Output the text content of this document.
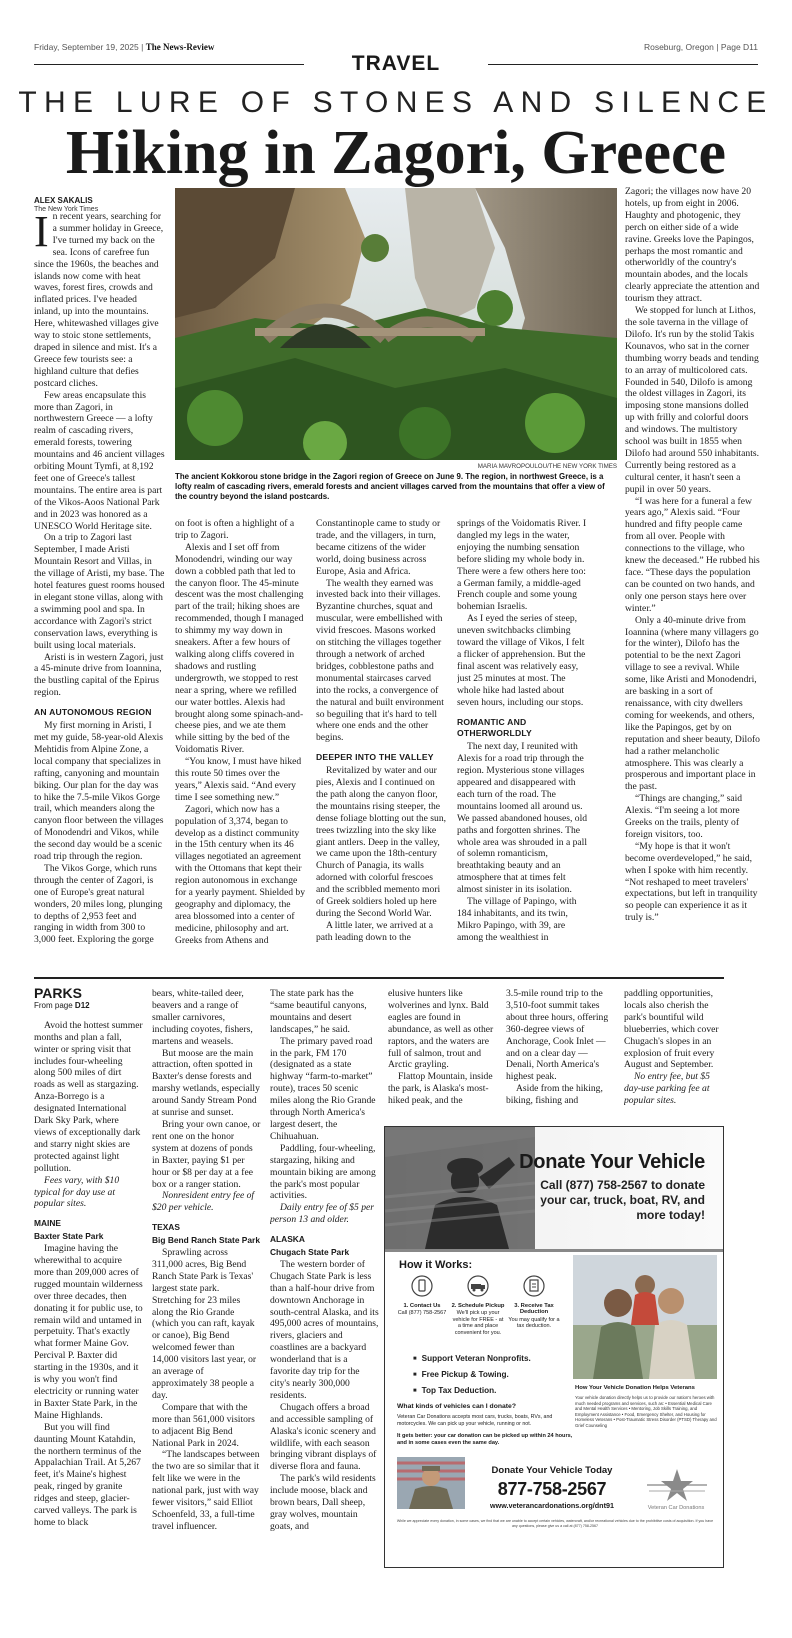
Friday, September 19, 2025 | The News-Review	Roseburg, Oregon | Page D11
TRAVEL
THE LURE OF STONES AND SILENCE
Hiking in Zagori, Greece
ALEX SAKALIS
The New York Times

In recent years, searching for a summer holiday in Greece, I've turned my back on the sea. Icons of carefree fun since the 1960s, the beaches and islands now come with heat waves, forest fires, crowds and inflated prices. I've headed inland, up into the mountains. Here, whitewashed villages give way to stoic stone settlements, draped in silence and mist. It's a Greece few tourists see: a highland culture that defies postcard cliches.

Few areas encapsulate this more than Zagori, in northwestern Greece — a lofty realm of cascading rivers, emerald forests, towering mountains and 46 ancient villages orbiting Mount Tymfi, at 8,192 feet one of Greece's tallest mountains. The entire area is part of the Vikos-Aoos National Park and in 2023 was honored as a UNESCO World Heritage site.

On a trip to Zagori last September, I made Aristi Mountain Resort and Villas, in the village of Aristi, my base. The hotel features guest rooms housed in elegant stone villas, along with a swimming pool and spa. In accordance with Zagori's strict conservation laws, everything is built using local materials.

Aristi is in western Zagori, just a 45-minute drive from Ioannina, the bustling capital of the Epirus region.

AN AUTONOMOUS REGION

My first morning in Aristi, I met my guide, 58-year-old Alexis Mehtidis from Alpine Zone, a local company that specializes in rafting, canyoning and mountain biking. Our plan for the day was to hike the 7.5-mile Vikos Gorge trail, which meanders along the canyon floor between the villages of Monodendri and Vikos, while the second day would be a scenic road trip through the region.

The Vikos Gorge, which runs through the center of Zagori, is one of Europe's great natural wonders, 20 miles long, plunging to depths of 2,953 feet and ranging in width from 300 to 3,000 feet. Exploring the gorge

MARIA MAVROPOULOU/THE NEW YORK TIMES
The ancient Kokkorou stone bridge in the Zagori region of Greece on June 9. The region, in northwest Greece, is a lofty realm of cascading rivers, emerald forests and ancient villages carved from the mountains that offer a view of the country beyond the island postcards.

on foot is often a highlight of a trip to Zagori.

Alexis and I set off from Monodendri, winding our way down a cobbled path that led to the canyon floor. The 45-minute descent was the most challenging part of the trail; hiking shoes are recommended, though I managed to shimmy my way down in sneakers. After a few hours of walking along cliffs covered in shadows and rustling undergrowth, we stopped to rest near a spring, where we refilled our water bottles. Alexis had brought along some spinach-and-cheese pies, and we ate them while sitting by the bed of the Voidomatis River.

“You know, I must have hiked this route 50 times over the years,” Alexis said. “And every time I see something new.”

Zagori, which now has a population of 3,374, began to develop as a distinct community in the 15th century when its 46 villages negotiated an agreement with the Ottomans that kept their region autonomous in exchange for a yearly payment. Shielded by geography and diplomacy, the area blossomed into a center of medicine, philosophy and art. Greeks from Athens and

Constantinople came to study or trade, and the villagers, in turn, became citizens of the wider world, doing business across Europe, Asia and Africa.

The wealth they earned was invested back into their villages. Byzantine churches, squat and muscular, were embellished with vivid frescoes. Masons worked on stitching the villages together through a network of arched bridges, cobblestone paths and monumental staircases carved into the rocks, a convergence of the natural and built environment so beguiling that it's hard to tell where one ends and the other begins.

DEEPER INTO THE VALLEY

Revitalized by water and our pies, Alexis and I continued on the path along the canyon floor, the mountains rising steeper, the dense foliage blotting out the sun, trees twizzling into the sky like giant antlers. Deep in the valley, we came upon the 18th-century Church of Panagia, its walls adorned with colorful frescoes and the scribbled memento mori of Greek soldiers holed up here during the Second World War.

A little later, we arrived at a path leading down to the

springs of the Voidomatis River. I dangled my legs in the water, enjoying the numbing sensation before sliding my whole body in. There were a few others here too: a German family, a middle-aged French couple and some young bohemian Israelis.

As I eyed the series of steep, uneven switchbacks climbing toward the village of Vikos, I felt a flicker of apprehension. But the final ascent was relatively easy, just 25 minutes at most. The whole hike had lasted about seven hours, including our stops.

ROMANTIC AND OTHERWORLDLY

The next day, I reunited with Alexis for a road trip through the region. Mysterious stone villages appeared and disappeared with each turn of the road. The mountains loomed all around us. We passed abandoned houses, old paths and forgotten shrines. The whole area was shrouded in a pall of solemn romanticism, breathtaking beauty and an atmosphere that at times felt almost sinister in its isolation.

The village of Papingo, with 184 inhabitants, and its twin, Mikro Papingo, with 39, are among the wealthiest in

Zagori; the villages now have 20 hotels, up from eight in 2006. Haughty and photogenic, they perch on either side of a wide ravine. Greeks love the Papingos, perhaps the most romantic and otherworldly of the country's mountain abodes, and the locals clearly appreciate the attention and tourism they attract.

We stopped for lunch at Lithos, the sole taverna in the village of Dilofo. It's run by the stolid Takis Kounavos, who sat in the corner thumbing worry beads and tending to an array of multicolored cats. Founded in 540, Dilofo is among the oldest villages in Zagori, its imposing stone mansions dolled up with frilly and colorful doors and windows. The multistory school was built in 1855 when Dilofo had around 550 inhabitants. Currently being restored as a cultural center, it hasn't seen a pupil in over 50 years.

“I was here for a funeral a few years ago,” Alexis said. “Four hundred and fifty people came from all over. People with connections to the village, who knew the deceased.” He rubbed his face. “These days the population can be counted on two hands, and only one person stays here over winter.”

Only a 40-minute drive from Ioannina (where many villagers go for the winter), Dilofo has the potential to be the next Zagori village to see a revival. While some, like Aristi and Monodendri, are basking in a sort of renaissance, with city dwellers coming for weekends, and others, like the Papingos, get by on reputation and sheer beauty, Dilofo had a rather melancholic atmosphere. This was clearly a prosperous and important place in the past.

“Things are changing,” said Alexis. “I'm seeing a lot more Greeks on the trails, plenty of foreign visitors, too.

“My hope is that it won't become overdeveloped,” he said, when I spoke with him recently. “Not reshaped to meet travelers' expectations, but left in tranquility so people can experience it as it truly is.”

PARKS
From page D12

Avoid the hottest summer months and plan a fall, winter or spring visit that includes four-wheeling along 500 miles of dirt roads as well as stargazing. Anza-Borrego is a designated International Dark Sky Park, where views of exceptionally dark and starry night skies are protected against light pollution.

Fees vary, with $10 typical for day use at popular sites.

MAINE
Baxter State Park

Imagine having the wherewithal to acquire more than 209,000 acres of rugged mountain wilderness over three decades, then donating it for public use, to remain wild and untamed in perpetuity. That's exactly what former Maine Gov. Percival P. Baxter did starting in the 1930s, and it is why you won't find electricity or running water in Baxter State Park, in the Maine Highlands.

But you will find daunting Mount Katahdin, the northern terminus of the Appalachian Trail. At 5,267 feet, it's Maine's highest peak, ringed by granite ridges and steep, glacier-carved valleys. The park is home to black

bears, white-tailed deer, beavers and a range of smaller carnivores, including coyotes, fishers, martens and weasels.

But moose are the main attraction, often spotted in Baxter's dense forests and marshy wetlands, especially around Sandy Stream Pond at sunrise and sunset.

Bring your own canoe, or rent one on the honor system at dozens of ponds in Baxter, paying $1 per hour or $8 per day at a fee box or a ranger station.

Nonresident entry fee of $20 per vehicle.

TEXAS
Big Bend Ranch State Park

Sprawling across 311,000 acres, Big Bend Ranch State Park is Texas' largest state park. Stretching for 23 miles along the Rio Grande (which you can raft, kayak or canoe), Big Bend welcomed fewer than 14,000 visitors last year, or an average of approximately 38 people a day.

Compare that with the more than 561,000 visitors to adjacent Big Bend National Park in 2024.

“The landscapes between the two are so similar that it felt like we were in the national park, just with way fewer visitors,” said Elliot Schoenfeld, 33, a full-time travel influencer.

The state park has the “same beautiful canyons, mountains and desert landscapes,” he said.

The primary paved road in the park, FM 170 (designated as a state highway “farm-to-market” route), traces 50 scenic miles along the Rio Grande through North America's largest desert, the Chihuahuan.

Paddling, four-wheeling, stargazing, hiking and mountain biking are among the park's most popular activities.

Daily entry fee of $5 per person 13 and older.

ALASKA
Chugach State Park

The western border of Chugach State Park is less than a half-hour drive from downtown Anchorage in south-central Alaska, and its 495,000 acres of mountains, rivers, glaciers and coastlines are a backyard wonderland that is a favorite day trip for the city's nearly 300,000 residents.

Chugach offers a broad and accessible sampling of Alaska's iconic scenery and wildlife, with each season bringing vibrant displays of diverse flora and fauna.

The park's wild residents include moose, black and brown bears, Dall sheep, gray wolves, mountain goats, and

elusive hunters like wolverines and lynx. Bald eagles are found in abundance, as well as other raptors, and the waters are full of salmon, trout and Arctic grayling.

Flattop Mountain, inside the park, is Alaska's most-hiked peak, and the

3.5-mile round trip to the 3,510-foot summit takes about three hours, offering 360-degree views of Anchorage, Cook Inlet — and on a clear day — Denali, North America's highest peak.

Aside from the hiking, biking, fishing and

paddling opportunities, locals also cherish the park's bountiful wild blueberries, which cover Chugach's slopes in an explosion of fruit every August and September.

No entry fee, but $5 day-use parking fee at popular sites.

Donate Your Vehicle
Call (877) 758-2567 to donate your car, truck, boat, RV, and more today!
How it Works:
1. Contact Us
Call (877) 758-2567
2. Schedule Pickup
We'll pick up your vehicle for FREE - at a time and place convenient for you.
3. Receive Tax Deduction
You may qualify for a tax deduction.
■ Support Veteran Nonprofits.
■ Free Pickup & Towing.
■ Top Tax Deduction.
What kinds of vehicles can I donate?
Veteran Car Donations accepts most cars, trucks, boats, RVs, and motorcycles. We can pick up your vehicle, running or not.
It gets better: your car donation can be picked up within 24 hours, and in some cases even the same day.
How Your Vehicle Donation Helps Veterans
Your vehicle donation directly helps us to provide our nation's heroes with much needed programs and services, such as: • Essential Medical Care and Mental Health Services • Mentoring, Job Skills Training, and Employment Assistance • Food, Emergency Shelter, and Housing for Homeless Veterans • Post-Traumatic Stress Disorder (PTSD) Therapy and Grief Counseling
Donate Your Vehicle Today
877-758-2567
www.veterancardonations.org/dnt91	Veteran Car Donations
While we appreciate every donation, in some cases, we find that we are unable to accept certain vehicles, watercraft, and/or recreational vehicles due to the prohibitive costs of acquisition. If you have any questions, please give us a call at (877) 758-2567
